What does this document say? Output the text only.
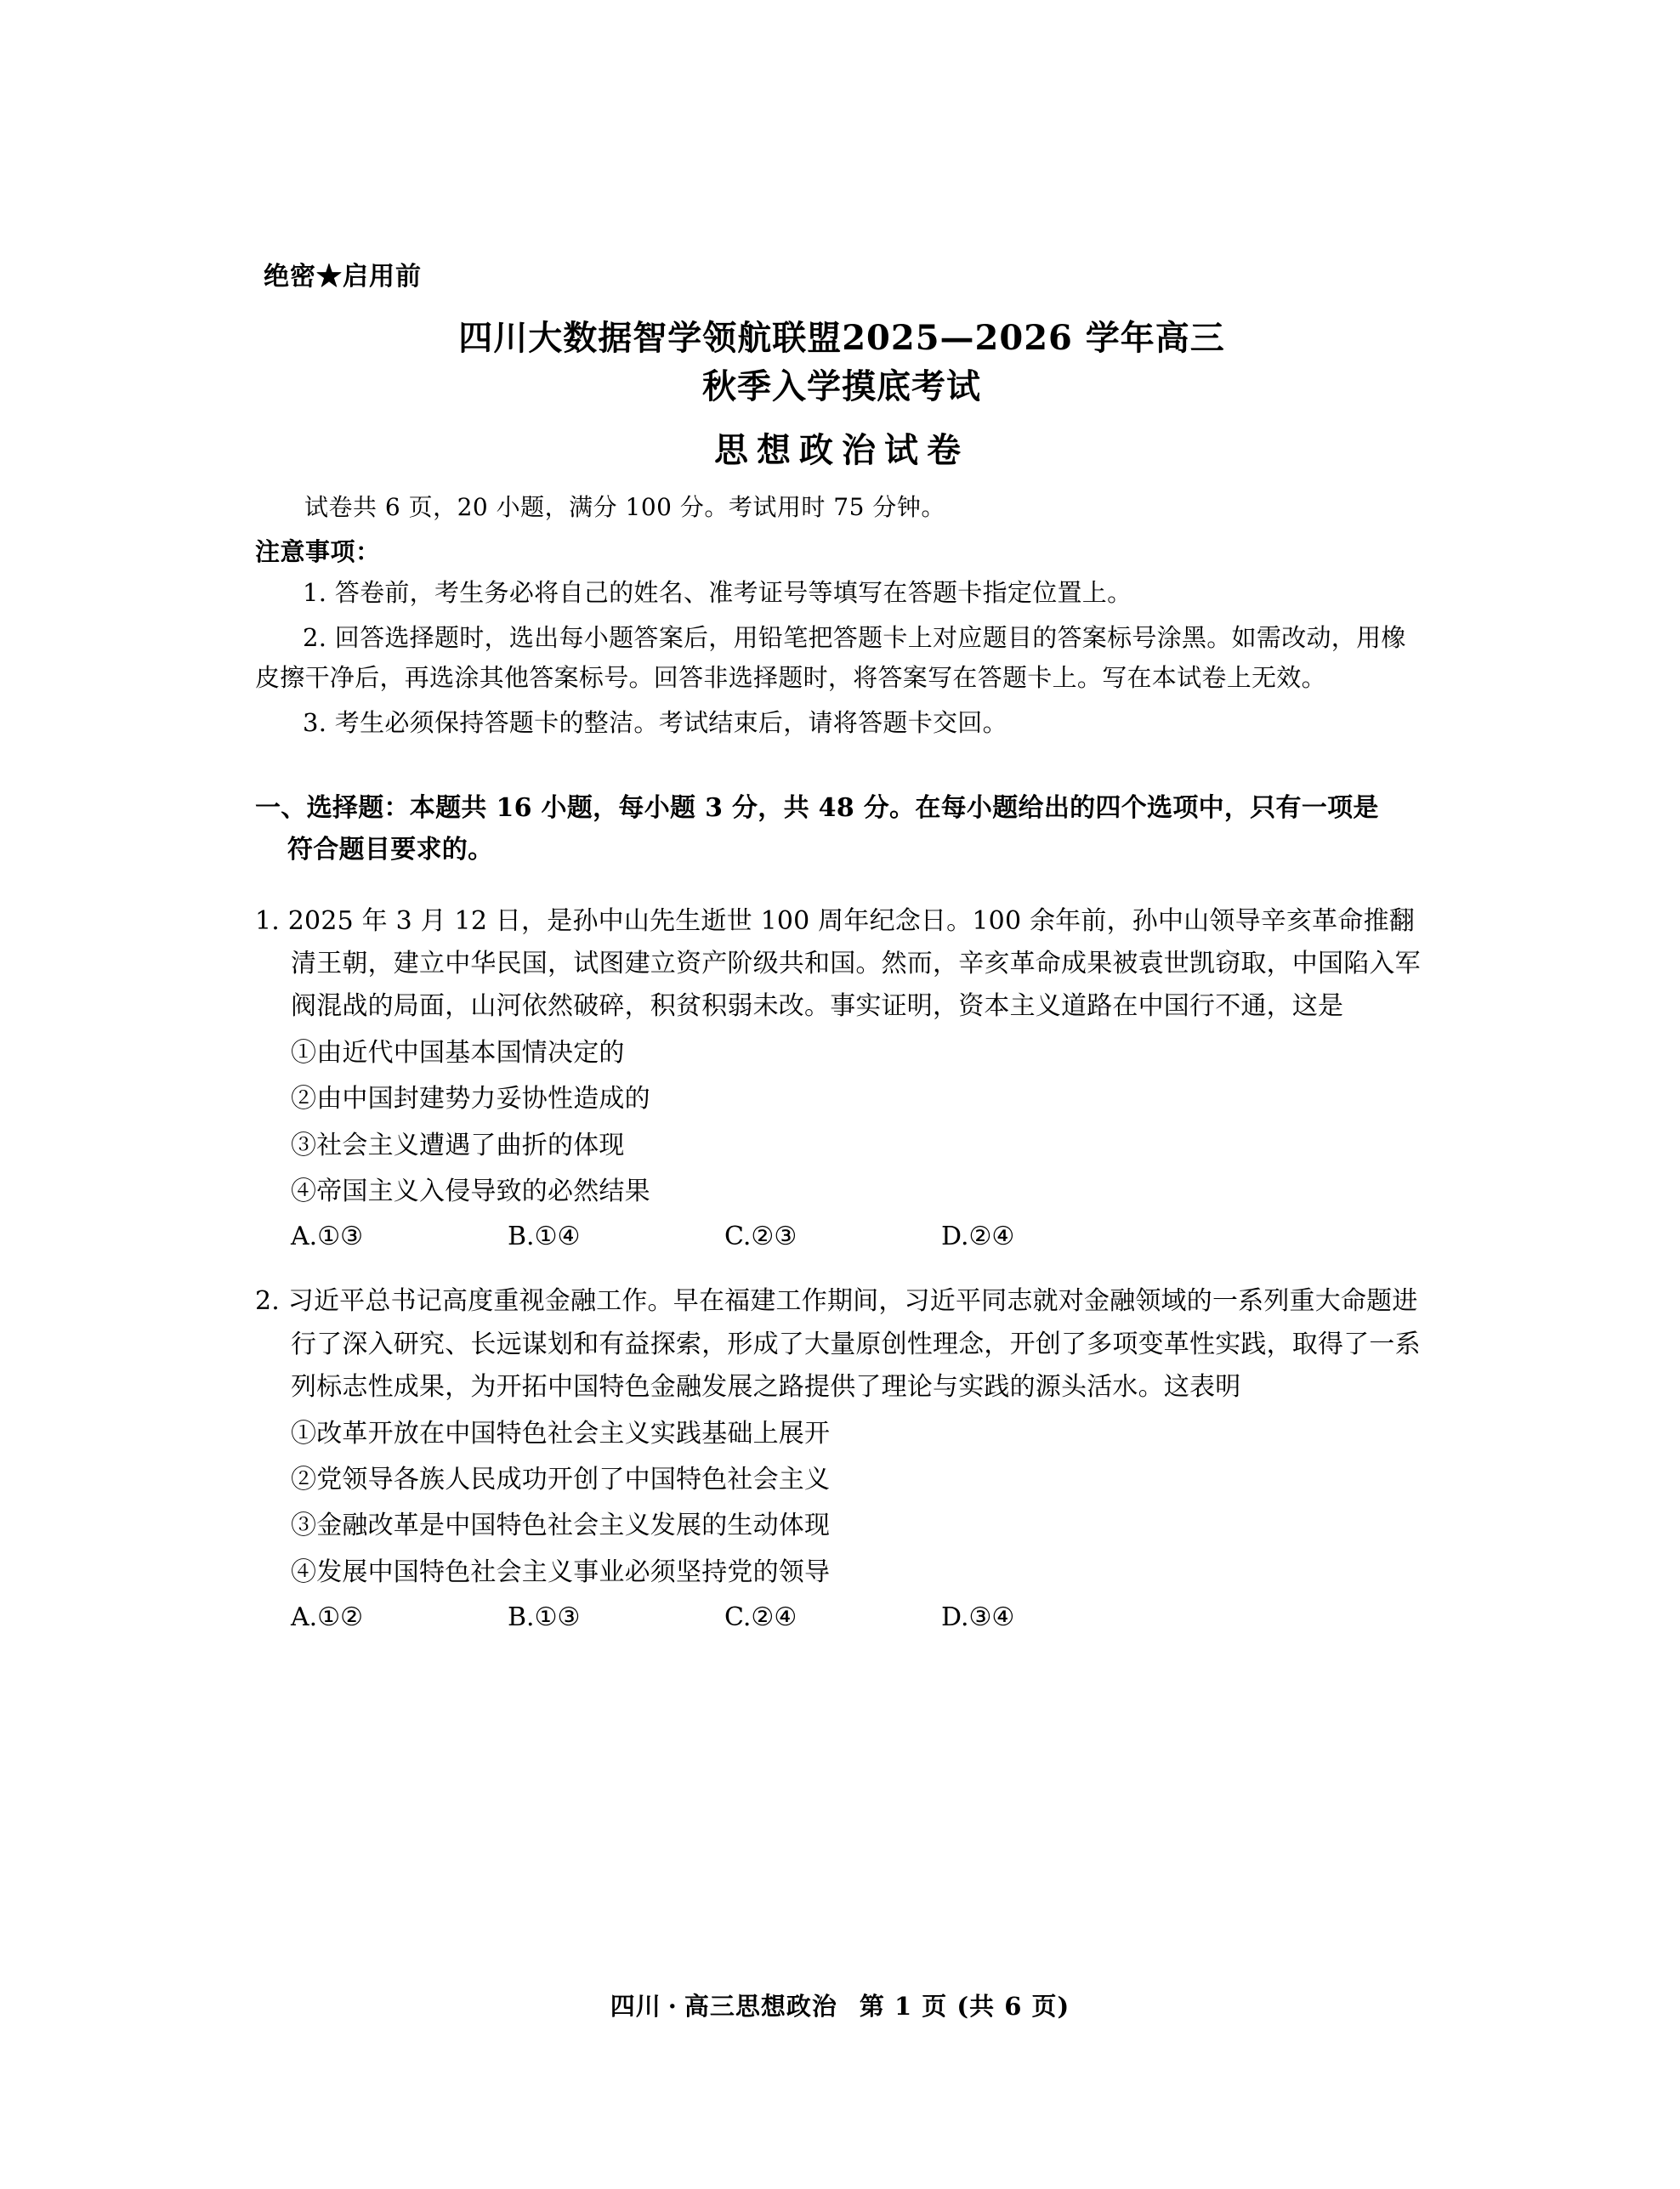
绝密★启用前
四川大数据智学领航联盟2025—2026 学年高三
秋季入学摸底考试
思想政治试卷
试卷共 6 页，20 小题，满分 100 分。考试用时 75 分钟。
注意事项：
1. 答卷前，考生务必将自己的姓名、准考证号等填写在答题卡指定位置上。
2. 回答选择题时，选出每小题答案后，用铅笔把答题卡上对应题目的答案标号涂黑。如需改动，用橡皮擦干净后，再选涂其他答案标号。回答非选择题时，将答案写在答题卡上。写在本试卷上无效。
3. 考生必须保持答题卡的整洁。考试结束后，请将答题卡交回。
一、选择题：本题共 16 小题，每小题 3 分，共 48 分。在每小题给出的四个选项中，只有一项是
符合题目要求的。
1. 2025 年 3 月 12 日，是孙中山先生逝世 100 周年纪念日。100 余年前，孙中山领导辛亥革命推翻清王朝，建立中华民国，试图建立资产阶级共和国。然而，辛亥革命成果被袁世凯窃取，中国陷入军阀混战的局面，山河依然破碎，积贫积弱未改。事实证明，资本主义道路在中国行不通，这是
①由近代中国基本国情决定的
②由中国封建势力妥协性造成的
③社会主义遭遇了曲折的体现
④帝国主义入侵导致的必然结果
A.①③	B.①④	C.②③	D.②④
2. 习近平总书记高度重视金融工作。早在福建工作期间，习近平同志就对金融领域的一系列重大命题进行了深入研究、长远谋划和有益探索，形成了大量原创性理念，开创了多项变革性实践，取得了一系列标志性成果，为开拓中国特色金融发展之路提供了理论与实践的源头活水。这表明
①改革开放在中国特色社会主义实践基础上展开
②党领导各族人民成功开创了中国特色社会主义
③金融改革是中国特色社会主义发展的生动体现
④发展中国特色社会主义事业必须坚持党的领导
A.①②	B.①③	C.②④	D.③④
四川 · 高三思想政治 第 1 页 (共 6 页)
